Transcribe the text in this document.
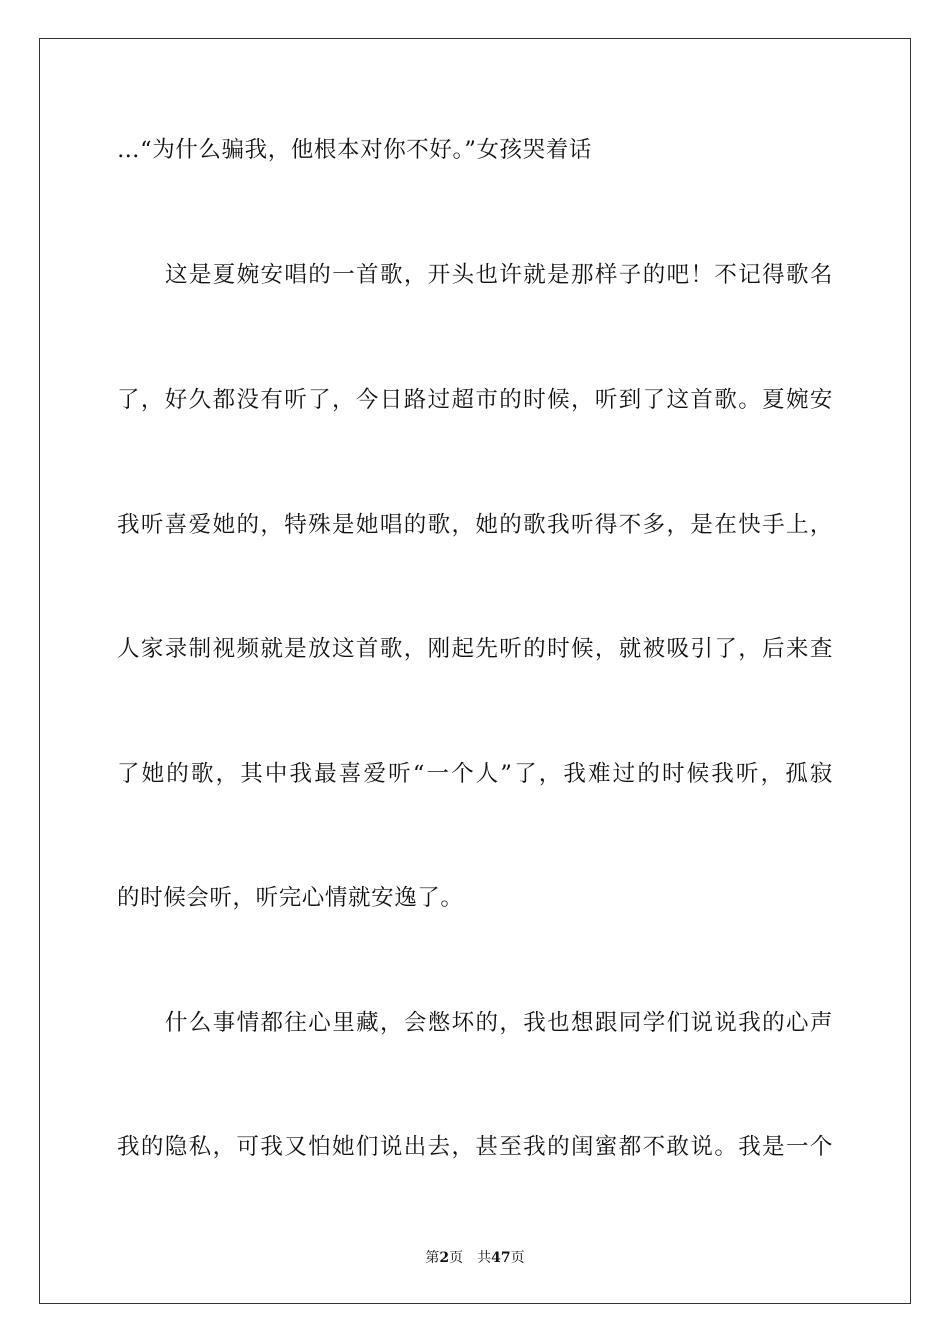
…“为什么骗我，他根本对你不好。”女孩哭着话
这是夏婉安唱的一首歌，开头也许就是那样子的吧！不记得歌名
了，好久都没有听了，今日路过超市的时候，听到了这首歌。夏婉安
我听喜爱她的，特殊是她唱的歌，她的歌我听得不多，是在快手上，
人家录制视频就是放这首歌，刚起先听的时候，就被吸引了，后来查
了她的歌，其中我最喜爱听“一个人”了，我难过的时候我听，孤寂
的时候会听，听完心情就安逸了。
什么事情都往心里藏，会憋坏的，我也想跟同学们说说我的心声
我的隐私，可我又怕她们说出去，甚至我的闺蜜都不敢说。我是一个
第2页 共47页
